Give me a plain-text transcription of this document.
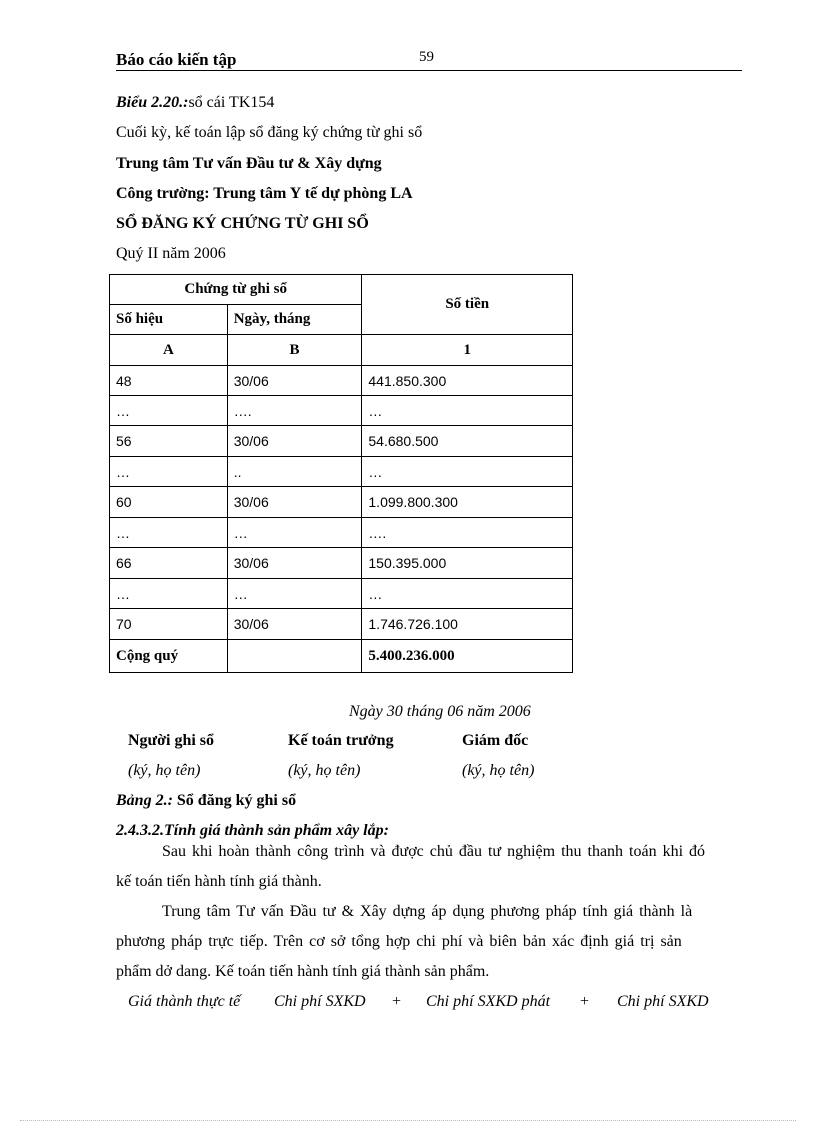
Báo cáo kiến tập	59
Biểu 2.20.:sổ cái TK154
Cuối kỳ, kế toán lập sổ đăng ký chứng từ ghi sổ
Trung tâm Tư vấn Đầu tư & Xây dựng
Công trường: Trung tâm Y tế dự phòng LA
SỔ ĐĂNG KÝ CHỨNG TỪ GHI SỔ
Quý II năm 2006
Chứng từ ghi sổ		Số tiền
Số hiệu	Ngày, tháng	
A	B	1
48	30/06	441.850.300
…	….	…
56	30/06	54.680.500
…	..	…
60	30/06	1.099.800.300
…	…	….
66	30/06	150.395.000
…	…	…
70	30/06	1.746.726.100
Cộng quý		5.400.236.000
Ngày 30 tháng 06 năm 2006
Người ghi sổ	Kế toán trưởng	Giám đốc
(ký, họ tên)	(ký, họ tên)	(ký, họ tên)
Bảng 2.: Sổ đăng ký ghi sổ
2.4.3.2.Tính giá thành sản phẩm xây lắp:
Sau khi hoàn thành công trình và được chủ đầu tư nghiệm thu thanh toán khi đó
kế toán tiến hành tính giá thành.
Trung tâm Tư vấn Đầu tư & Xây dựng áp dụng phương pháp tính giá thành là
phương pháp trực tiếp. Trên cơ sở tổng hợp chi phí và biên bản xác định giá trị sản
phẩm dở dang. Kế toán tiến hành tính giá thành sản phẩm.
Giá thành thực tế Chi phí SXKD + Chi phí SXKD phát + Chi phí SXKD
